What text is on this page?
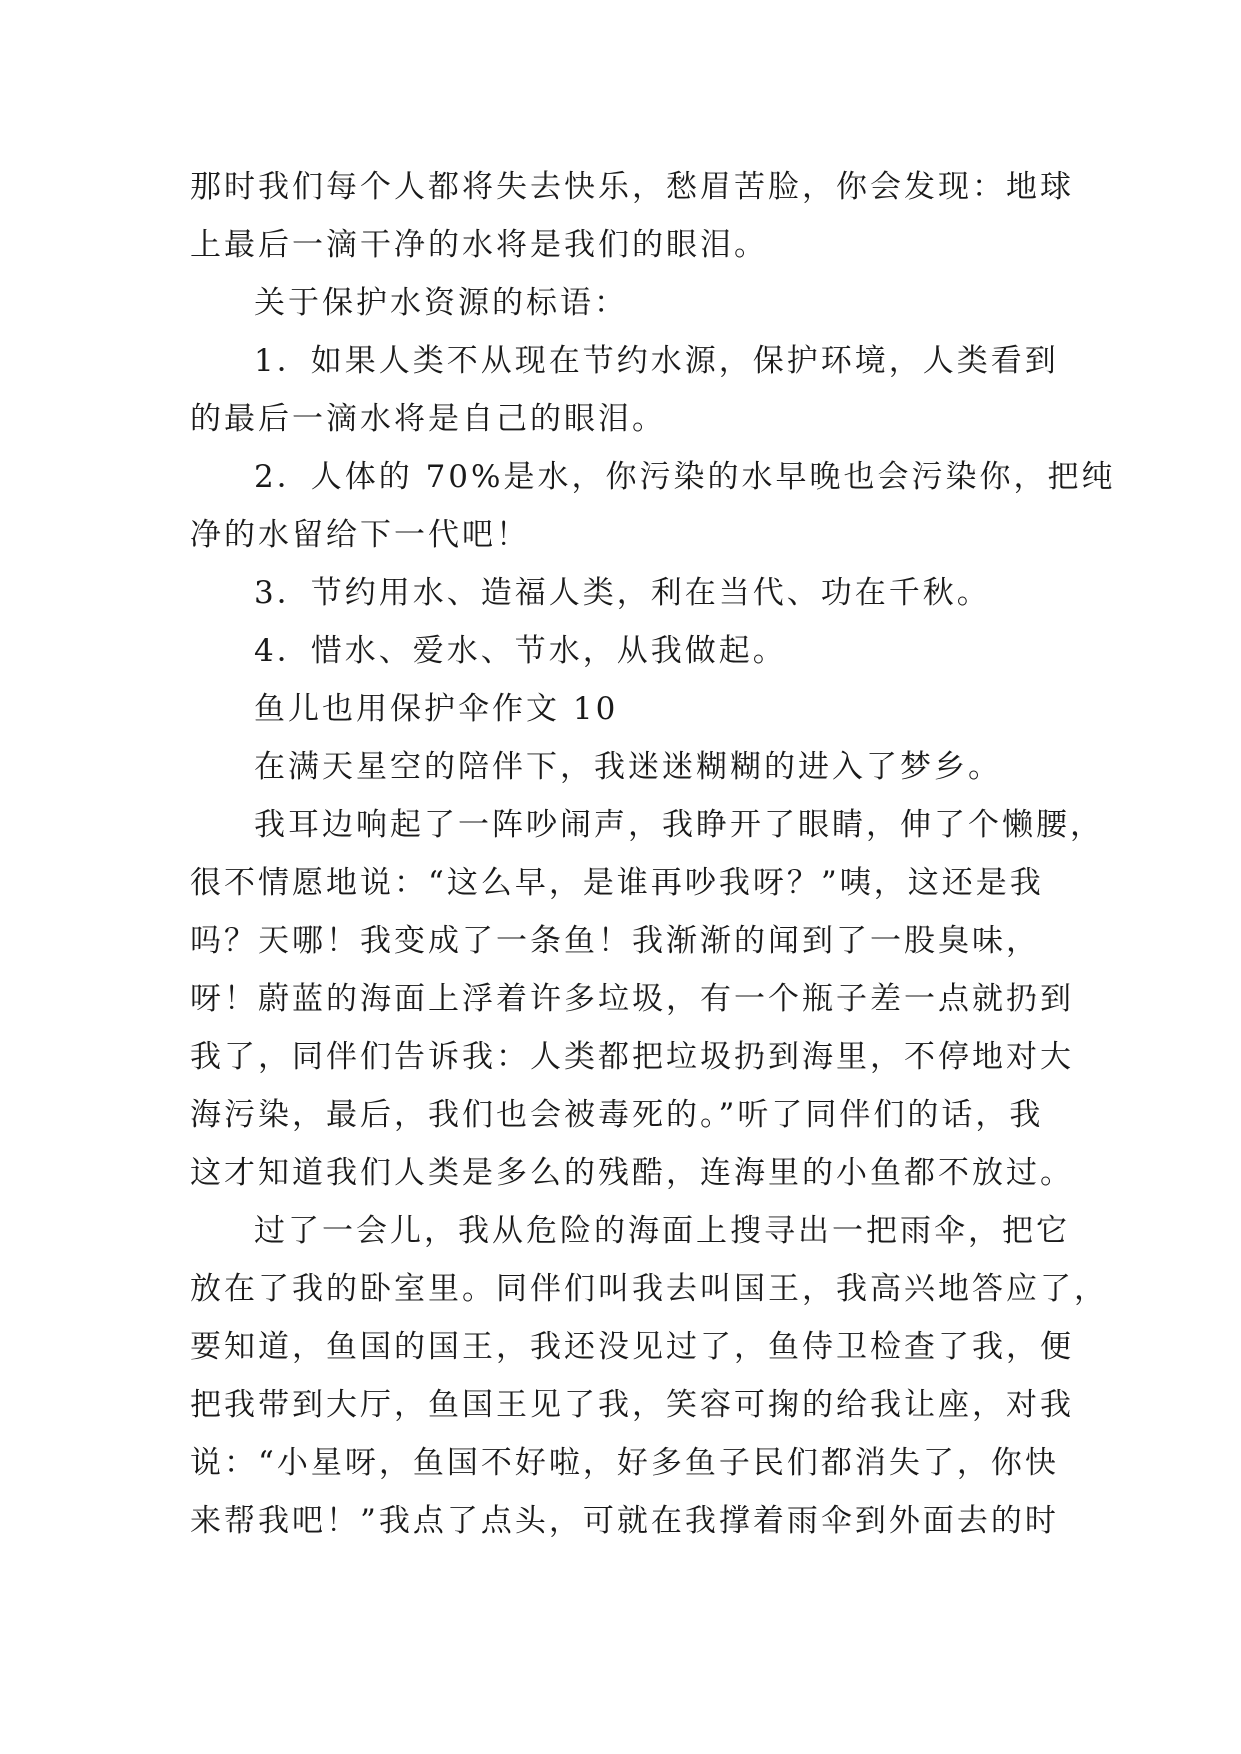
那时我们每个人都将失去快乐，愁眉苦脸，你会发现：地球
上最后一滴干净的水将是我们的眼泪。
关于保护水资源的标语：
1．如果人类不从现在节约水源，保护环境，人类看到
的最后一滴水将是自己的眼泪。
2．人体的 70%是水，你污染的水早晚也会污染你，把纯
净的水留给下一代吧！
3．节约用水、造福人类，利在当代、功在千秋。
4．惜水、爱水、节水，从我做起。
鱼儿也用保护伞作文 10
在满天星空的陪伴下，我迷迷糊糊的进入了梦乡。
我耳边响起了一阵吵闹声，我睁开了眼睛，伸了个懒腰，
很不情愿地说：“这么早，是谁再吵我呀？”咦，这还是我
吗？天哪！我变成了一条鱼！我渐渐的闻到了一股臭味，
呀！蔚蓝的海面上浮着许多垃圾，有一个瓶子差一点就扔到
我了，同伴们告诉我：人类都把垃圾扔到海里，不停地对大
海污染，最后，我们也会被毒死的。”听了同伴们的话，我
这才知道我们人类是多么的残酷，连海里的小鱼都不放过。
过了一会儿，我从危险的海面上搜寻出一把雨伞，把它
放在了我的卧室里。同伴们叫我去叫国王，我高兴地答应了，
要知道，鱼国的国王，我还没见过了，鱼侍卫检查了我，便
把我带到大厅，鱼国王见了我，笑容可掬的给我让座，对我
说：“小星呀，鱼国不好啦，好多鱼子民们都消失了，你快
来帮我吧！”我点了点头，可就在我撑着雨伞到外面去的时
